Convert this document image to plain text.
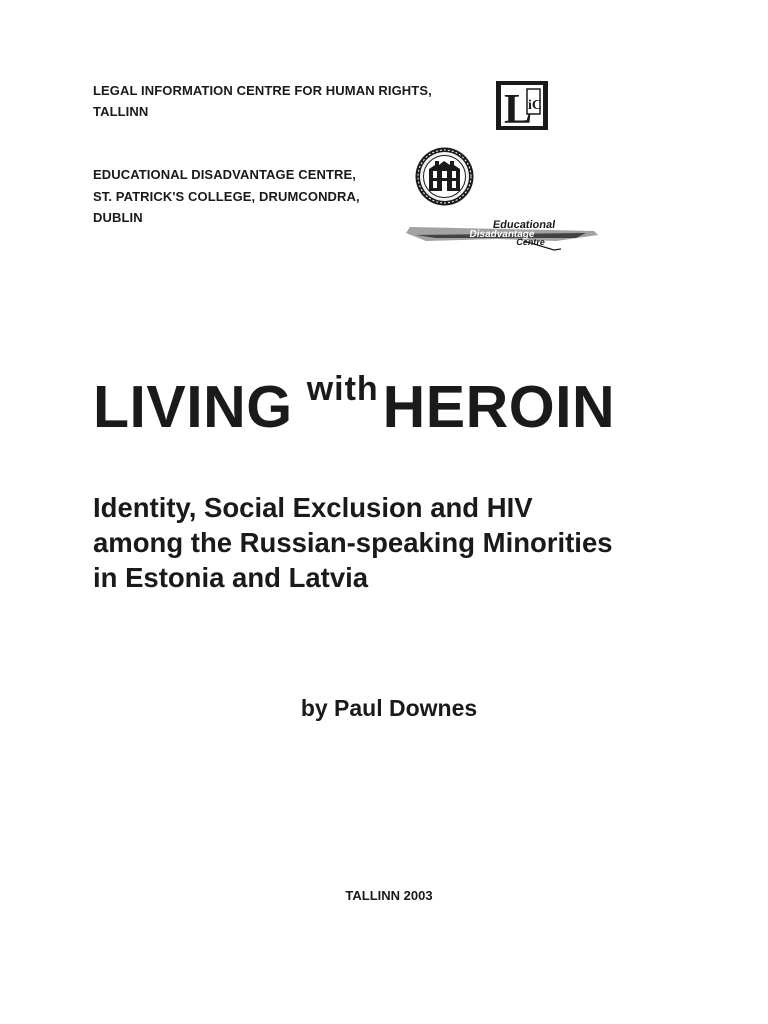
LEGAL INFORMATION CENTRE FOR HUMAN RIGHTS,
TALLINN
EDUCATIONAL DISADVANTAGE CENTRE,
ST. PATRICK'S COLLEGE, DRUMCONDRA,
DUBLIN
L
iC
Educational
Disadvantage
Centre
LIVING $^{with}$HEROIN
Identity, Social Exclusion and HIV
among the Russian-speaking Minorities
in Estonia and Latvia
by Paul Downes
TALLINN 2003
